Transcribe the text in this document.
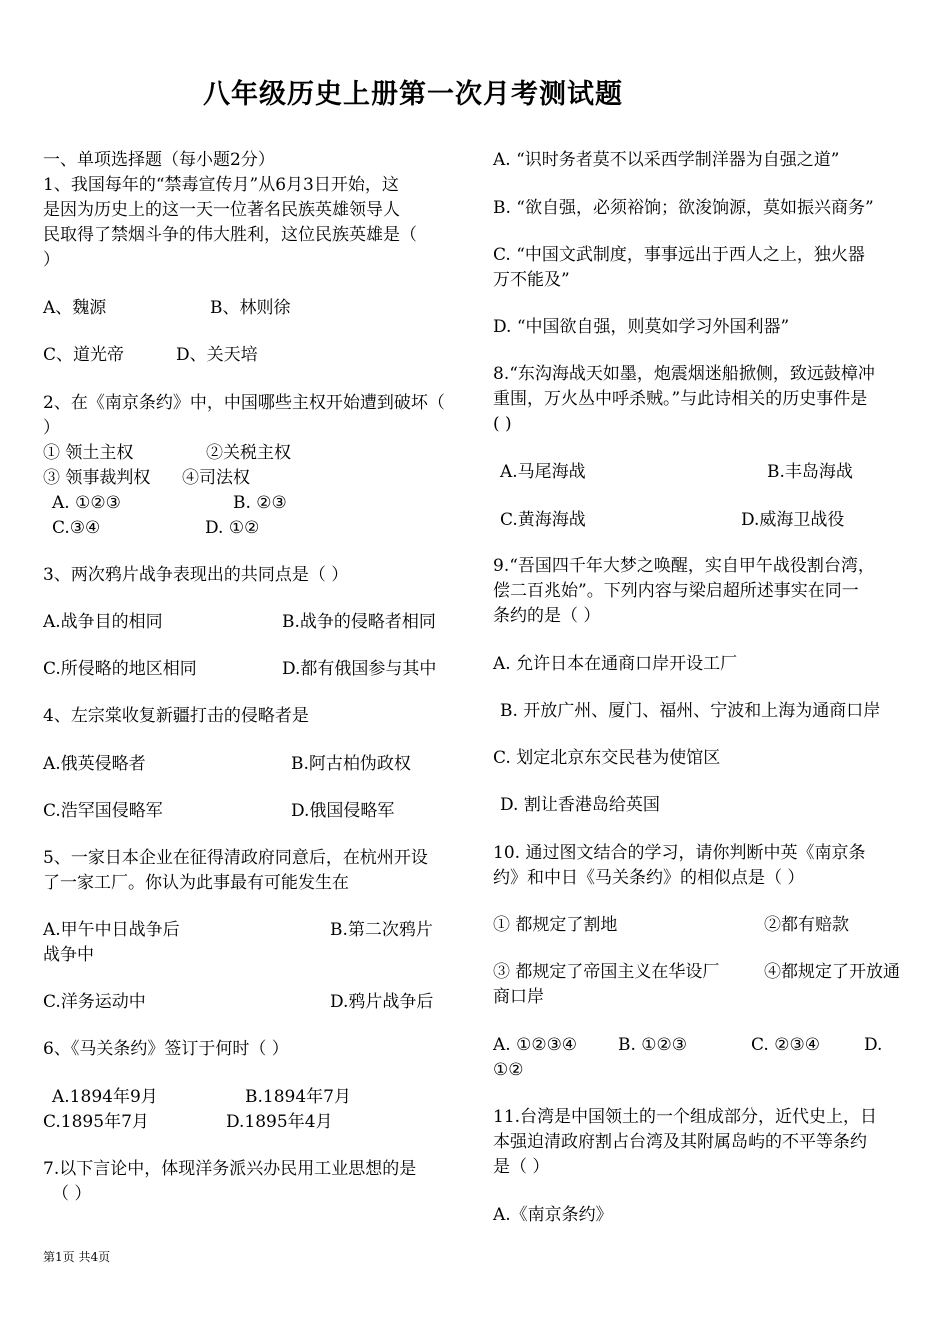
八年级历史上册第一次月考测试题
一、单项选择题（每小题2分）
1、我国每年的“禁毒宣传月”从6月3日开始，这
是因为历史上的这一天一位著名民族英雄领导人
民取得了禁烟斗争的伟大胜利，这位民族英雄是（
）
A、魏源	B、林则徐
C、道光帝	D、关天培
2、在《南京条约》中，中国哪些主权开始遭到破坏（
）
① 领土主权	②关税主权
③ 领事裁判权 ④司法权
A. ①②③	B. ②③
C.③④	D. ①②
3、两次鸦片战争表现出的共同点是（ ）
A.战争目的相同	B.战争的侵略者相同
C.所侵略的地区相同	D.都有俄国参与其中
4、左宗棠收复新疆打击的侵略者是
A.俄英侵略者	B.阿古柏伪政权
C.浩罕国侵略军	D.俄国侵略军
5、一家日本企业在征得清政府同意后，在杭州开设
了一家工厂。你认为此事最有可能发生在
A.甲午中日战争后	B.第二次鸦片
战争中
C.洋务运动中	D.鸦片战争后
6、《马关条约》签订于何时（ ）
A.1894年9月	B.1894年7月
C.1895年7月	D.1895年4月
7.以下言论中，体现洋务派兴办民用工业思想的是
（ ）
A. “识时务者莫不以采西学制洋器为自强之道”
B. “欲自强，必须裕饷；欲浚饷源，莫如振兴商务”
C. “中国文武制度，事事远出于西人之上，独火器
万不能及”
D. “中国欲自强，则莫如学习外国利器”
8.“东沟海战天如墨，炮震烟迷船掀侧，致远鼓樟冲
重围，万火丛中呼杀贼。”与此诗相关的历史事件是
( )
A.马尾海战	B.丰岛海战
C.黄海海战	D.威海卫战役
9.“吾国四千年大梦之唤醒，实自甲午战役割台湾，
偿二百兆始”。下列内容与梁启超所述事实在同一
条约的是（ ）
A. 允许日本在通商口岸开设工厂
B. 开放广州、厦门、福州、宁波和上海为通商口岸
C. 划定北京东交民巷为使馆区
D. 割让香港岛给英国
10. 通过图文结合的学习，请你判断中英《南京条
约》和中日《马关条约》的相似点是（ ）
① 都规定了割地	②都有赔款
③ 都规定了帝国主义在华设厂	④都规定了开放通
商口岸
A. ①②③④ B. ①②③	C. ②③④	D.
①②
11.台湾是中国领土的一个组成部分，近代史上，日
本强迫清政府割占台湾及其附属岛屿的不平等条约
是（ ）
A.《南京条约》
第1页 共4页
